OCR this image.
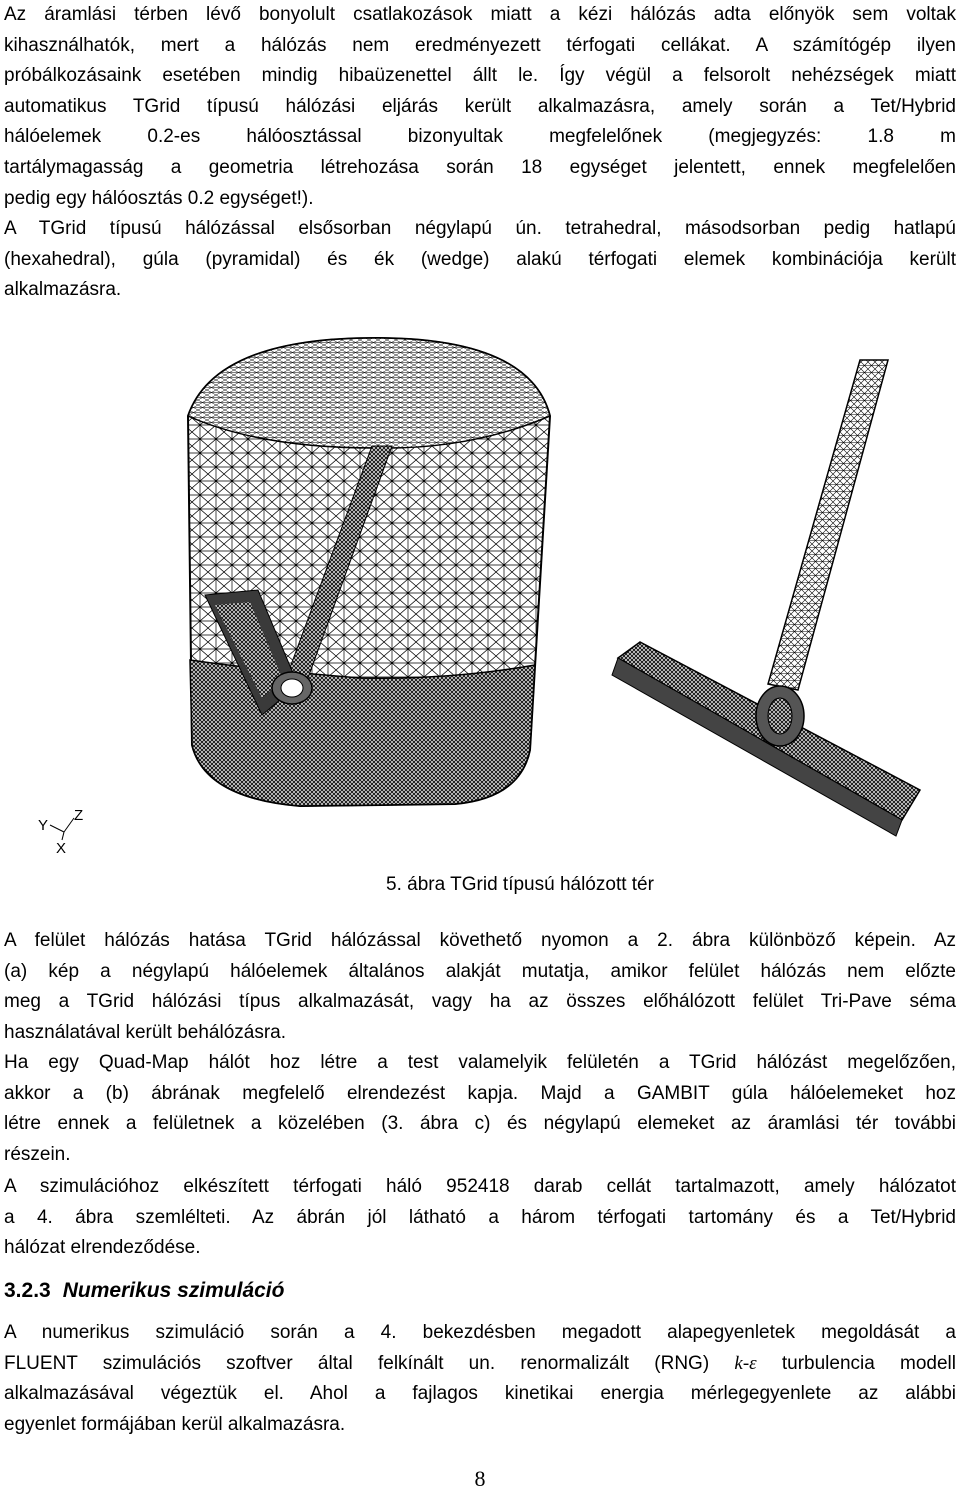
Az áramlási térben lévő bonyolult csatlakozások miatt a kézi hálózás adta előnyök sem voltak
kihasználhatók, mert a hálózás nem eredményezett térfogati cellákat. A számítógép ilyen
próbálkozásaink esetében mindig hibaüzenettel állt le. Így végül a felsorolt nehézségek miatt
automatikus TGrid típusú hálózási eljárás került alkalmazásra, amely során a Tet/Hybrid
hálóelemek 0.2-es hálóosztással bizonyultak megfelelőnek (megjegyzés: 1.8 m
tartálymagasság a geometria létrehozása során 18 egységet jelentett, ennek megfelelően
pedig egy hálóosztás 0.2 egységet!).
A TGrid típusú hálózással elsősorban négylapú ún. tetrahedral, másodsorban pedig hatlapú
(hexahedral), gúla (pyramidal) és ék (wedge) alakú térfogati elemek kombinációja került
alkalmazásra.
Y
Z
X

5. ábra TGrid típusú hálózott tér

A felület hálózás hatása TGrid hálózással követhető nyomon a 2. ábra különböző képein. Az
(a) kép a négylapú hálóelemek általános alakját mutatja, amikor felület hálózás nem előzte
meg a TGrid hálózási típus alkalmazását, vagy ha az összes előhálózott felület Tri-Pave séma
használatával került behálózásra.
Ha egy Quad-Map hálót hoz létre a test valamelyik felületén a TGrid hálózást megelőzően,
akkor a (b) ábrának megfelelő elrendezést kapja. Majd a GAMBIT gúla hálóelemeket hoz
létre ennek a felületnek a közelében (3. ábra c) és négylapú elemeket az áramlási tér további
részein.
A szimulációhoz elkészített térfogati háló 952418 darab cellát tartalmazott, amely hálózatot
a 4. ábra szemlélteti. Az ábrán jól látható a három térfogati tartomány és a Tet/Hybrid
hálózat elrendeződése.
3.2.3 Numerikus szimuláció
A numerikus szimuláció során a 4. bekezdésben megadott alapegyenletek megoldását a
FLUENT szimulációs szoftver által felkínált un. renormalizált (RNG) k-ε turbulencia modell
alkalmazásával végeztük el. Ahol a fajlagos kinetikai energia mérlegegyenlete az alábbi
egyenlet formájában kerül alkalmazásra.

8
